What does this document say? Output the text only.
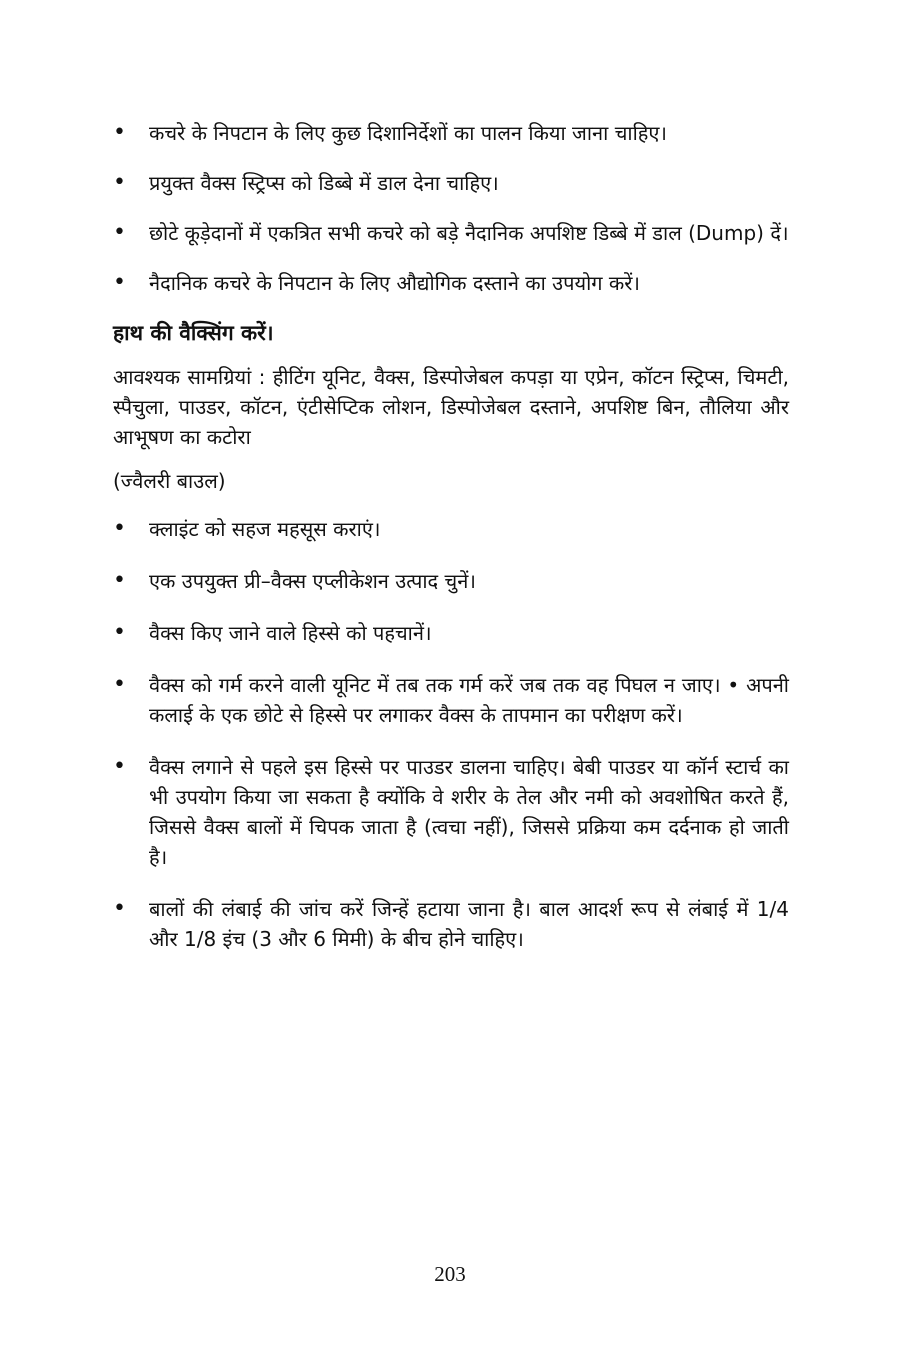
• कचरे के निपटान के लिए कुछ दिशानिर्देशों का पालन किया जाना चाहिए।
• प्रयुक्त वैक्स स्ट्रिप्स को डिब्बे में डाल देना चाहिए।
• छोटे कूड़ेदानों में एकत्रित सभी कचरे को बड़े नैदानिक अपशिष्ट डिब्बे में डाल (Dump) दें।
• नैदानिक कचरे के निपटान के लिए औद्योगिक दस्ताने का उपयोग करें।
हाथ की वैक्सिंग करें।

आवश्यक सामग्रियां : हीटिंग यूनिट, वैक्स, डिस्पोजेबल कपड़ा या एप्रेन, कॉटन स्ट्रिप्स, चिमटी, स्पैचुला, पाउडर, कॉटन, एंटीसेप्टिक लोशन, डिस्पोजेबल दस्ताने, अपशिष्ट बिन, तौलिया और आभूषण का कटोरा

(ज्वैलरी बाउल)

• क्लाइंट को सहज महसूस कराएं।
• एक उपयुक्त प्री–वैक्स एप्लीकेशन उत्पाद चुनें।
• वैक्स किए जाने वाले हिस्से को पहचानें।
• वैक्स को गर्म करने वाली यूनिट में तब तक गर्म करें जब तक वह पिघल न जाए। • अपनी कलाई के एक छोटे से हिस्से पर लगाकर वैक्स के तापमान का परीक्षण करें।
• वैक्स लगाने से पहले इस हिस्से पर पाउडर डालना चाहिए। बेबी पाउडर या कॉर्न स्टार्च का भी उपयोग किया जा सकता है क्योंकि वे शरीर के तेल और नमी को अवशोषित करते हैं, जिससे वैक्स बालों में चिपक जाता है (त्वचा नहीं), जिससे प्रक्रिया कम दर्दनाक हो जाती है।
• बालों की लंबाई की जांच करें जिन्हें हटाया जाना है। बाल आदर्श रूप से लंबाई में 1/4 और 1/8 इंच (3 और 6 मिमी) के बीच होने चाहिए।
203
